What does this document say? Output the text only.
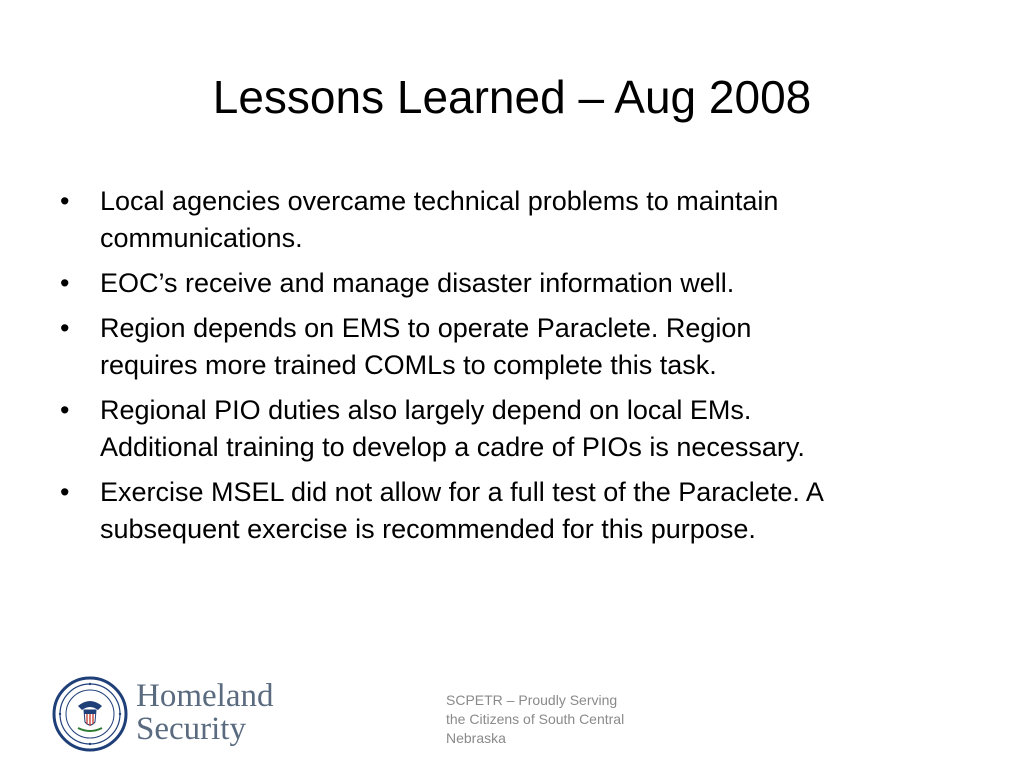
Lessons Learned – Aug 2008
• Local agencies overcame technical problems to maintain
communications.
• EOC’s receive and manage disaster information well.
• Region depends on EMS to operate Paraclete. Region
requires more trained COMLs to complete this task.
• Regional PIO duties also largely depend on local EMs.
Additional training to develop a cadre of PIOs is necessary.
• Exercise MSEL did not allow for a full test of the Paraclete. A
subsequent exercise is recommended for this purpose.
Homeland
Security
SCPETR – Proudly Serving
the Citizens of South Central
Nebraska
